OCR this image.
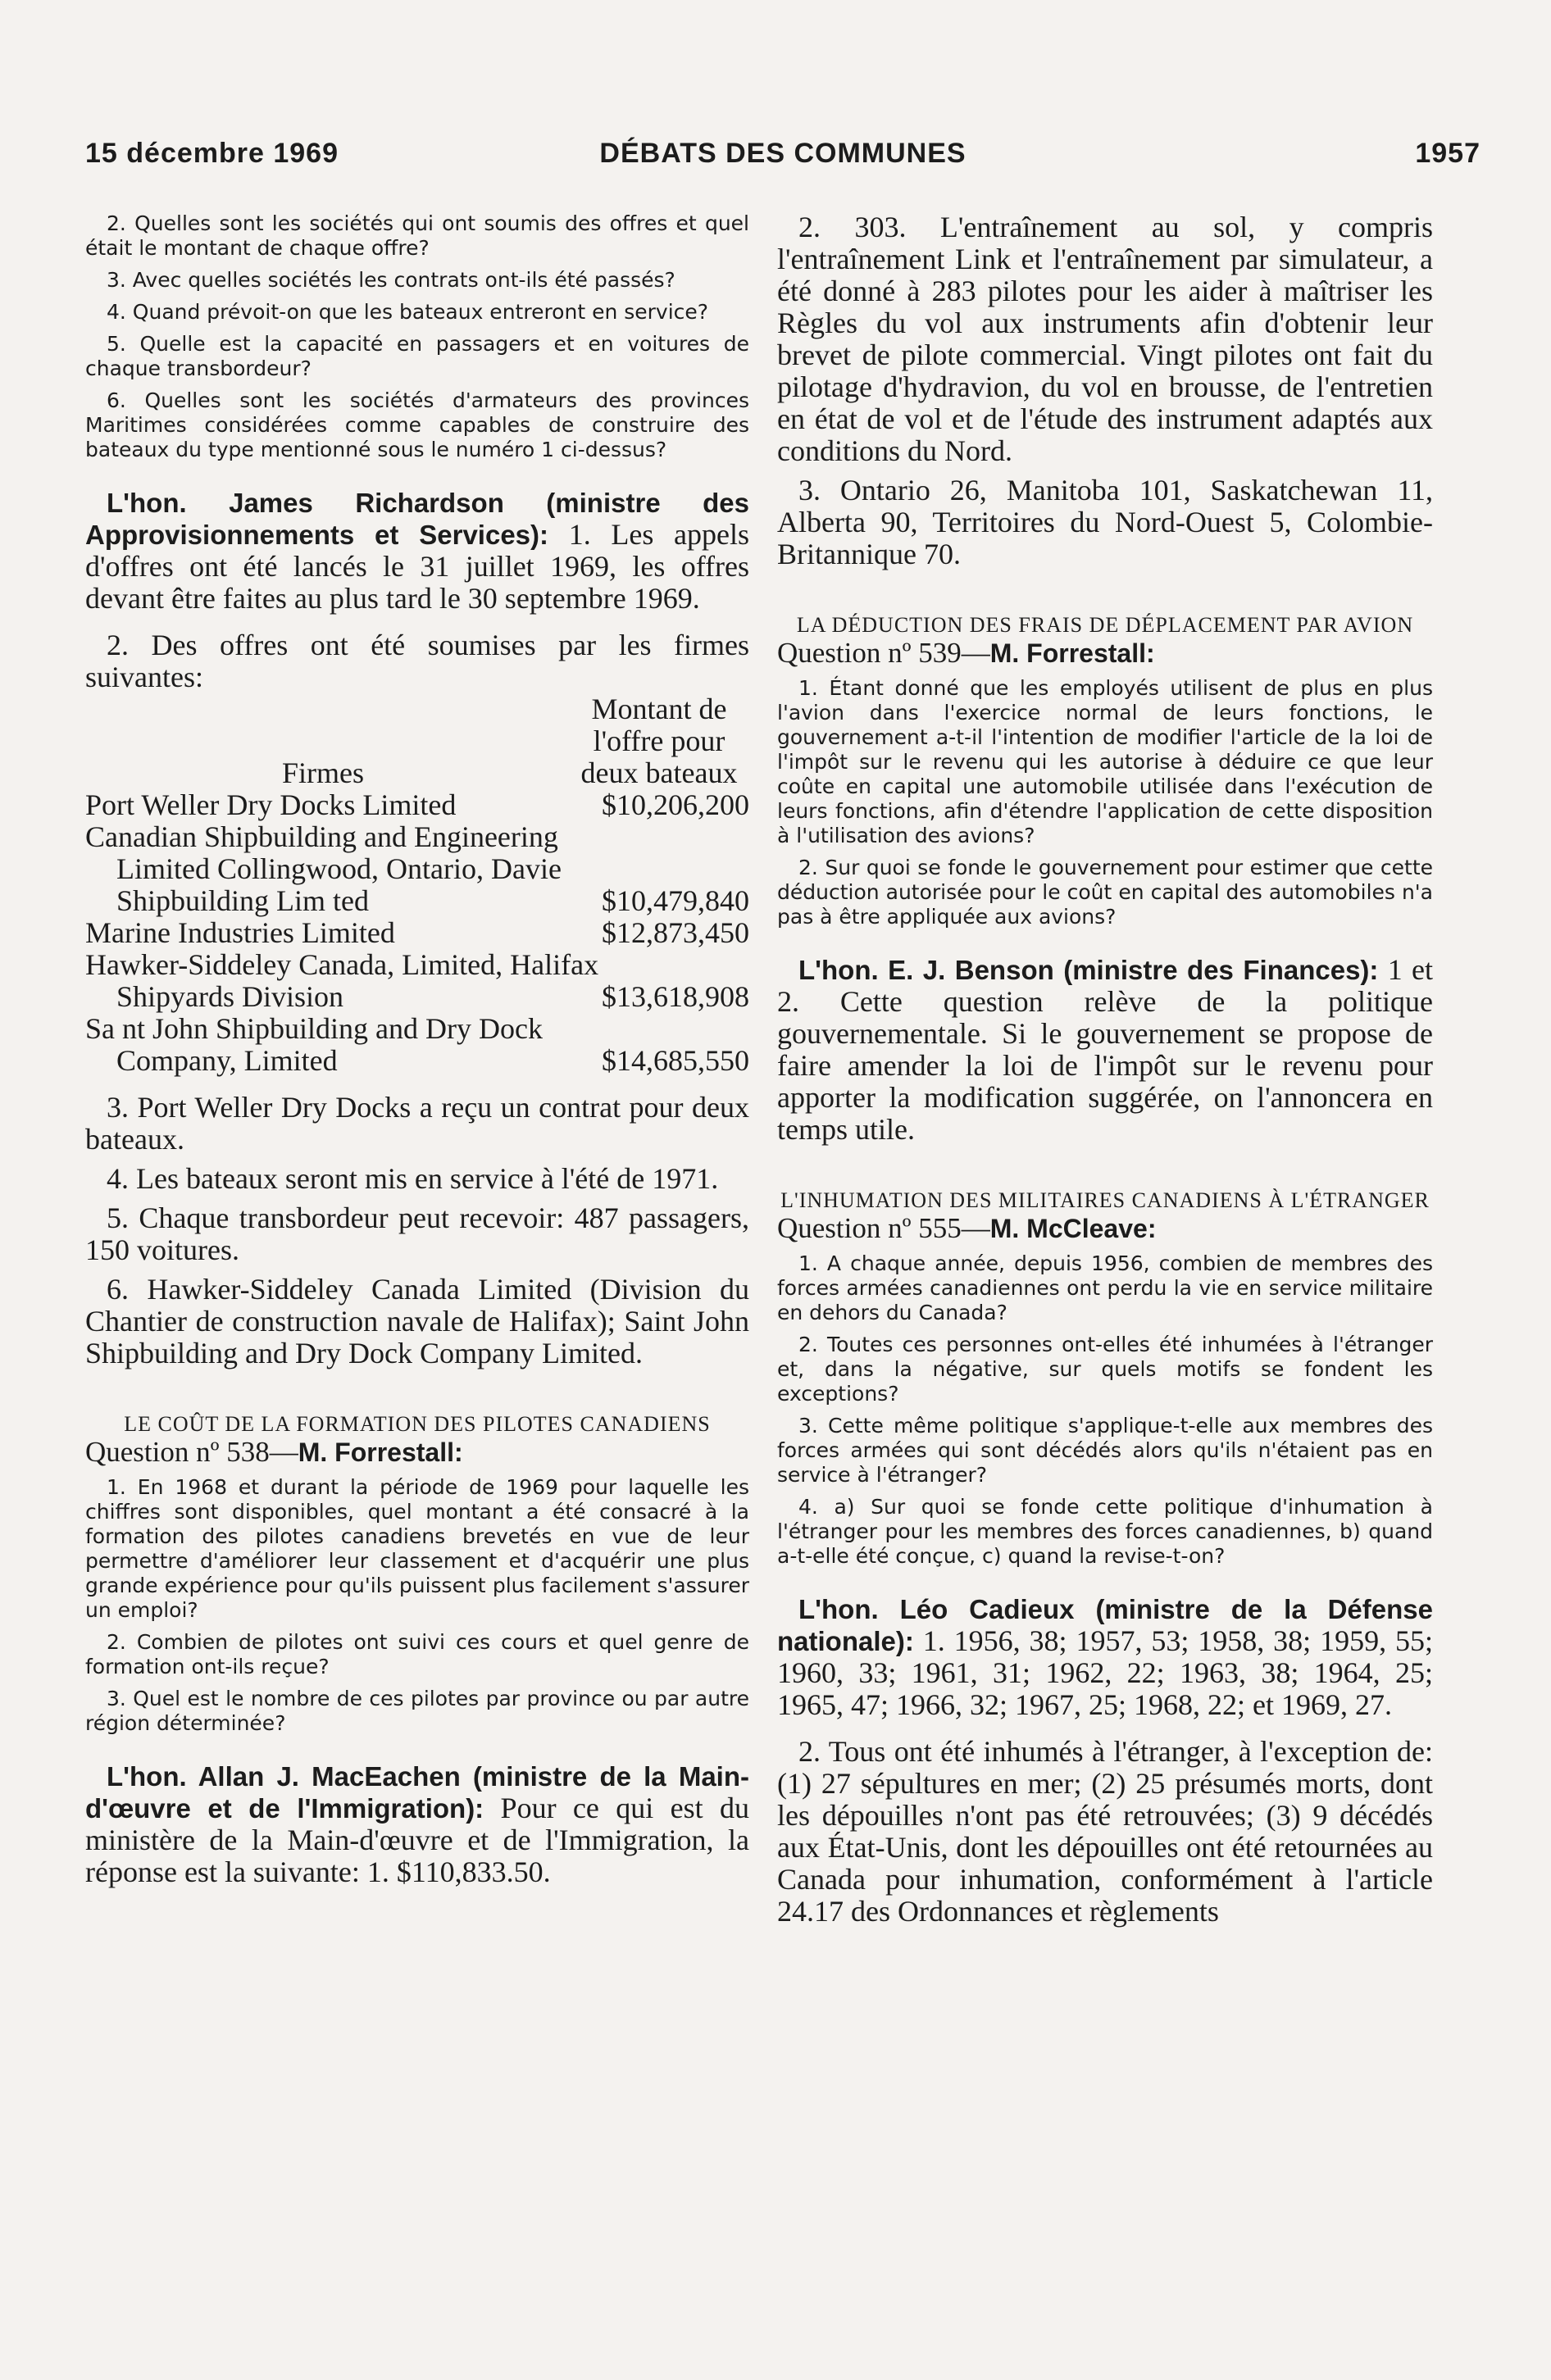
15 décembre 1969	DÉBATS DES COMMUNES	1957

2. Quelles sont les sociétés qui ont soumis des offres et quel était le montant de chaque offre?

3. Avec quelles sociétés les contrats ont-ils été passés?

4. Quand prévoit-on que les bateaux entreront en service?

5. Quelle est la capacité en passagers et en voitures de chaque transbordeur?

6. Quelles sont les sociétés d'armateurs des provinces Maritimes considérées comme capables de construire des bateaux du type mentionné sous le numéro 1 ci-dessus?

L'hon. James Richardson (ministre des Approvisionnements et Services): 1. Les appels d'offres ont été lancés le 31 juillet 1969, les offres devant être faites au plus tard le 30 septembre 1969.

2. Des offres ont été soumises par les firmes suivantes:

Firmes
Montant de l'offre pour deux bateaux
Port Weller Dry Docks Limited	$10,206,200
Canadian Shipbuilding and Engineering Limited Collingwood, Ontario, Davie Shipbuilding Lim ted	$10,479,840
Marine Industries Limited	$12,873,450
Hawker-Siddeley Canada, Limited, Halifax Shipyards Division	$13,618,908
Sa nt John Shipbuilding and Dry Dock Company, Limited	$14,685,550

3. Port Weller Dry Docks a reçu un contrat pour deux bateaux.

4. Les bateaux seront mis en service à l'été de 1971.

5. Chaque transbordeur peut recevoir: 487 passagers, 150 voitures.

6. Hawker-Siddeley Canada Limited (Division du Chantier de construction navale de Halifax); Saint John Shipbuilding and Dry Dock Company Limited.

LE COÛT DE LA FORMATION DES PILOTES CANADIENS

Question nº 538—M. Forrestall:

1. En 1968 et durant la période de 1969 pour laquelle les chiffres sont disponibles, quel montant a été consacré à la formation des pilotes canadiens brevetés en vue de leur permettre d'améliorer leur classement et d'acquérir une plus grande expérience pour qu'ils puissent plus facilement s'assurer un emploi?

2. Combien de pilotes ont suivi ces cours et quel genre de formation ont-ils reçue?

3. Quel est le nombre de ces pilotes par province ou par autre région déterminée?

L'hon. Allan J. MacEachen (ministre de la Main-d'œuvre et de l'Immigration): Pour ce qui est du ministère de la Main-d'œuvre et de l'Immigration, la réponse est la suivante: 1. $110,833.50.

2. 303. L'entraînement au sol, y compris l'entraînement Link et l'entraînement par simulateur, a été donné à 283 pilotes pour les aider à maîtriser les Règles du vol aux instruments afin d'obtenir leur brevet de pilote commercial. Vingt pilotes ont fait du pilotage d'hydravion, du vol en brousse, de l'entretien en état de vol et de l'étude des instrument adaptés aux conditions du Nord.

3. Ontario 26, Manitoba 101, Saskatchewan 11, Alberta 90, Territoires du Nord-Ouest 5, Colombie-Britannique 70.

LA DÉDUCTION DES FRAIS DE DÉPLACEMENT PAR AVION

Question nº 539—M. Forrestall:

1. Étant donné que les employés utilisent de plus en plus l'avion dans l'exercice normal de leurs fonctions, le gouvernement a-t-il l'intention de modifier l'article de la loi de l'impôt sur le revenu qui les autorise à déduire ce que leur coûte en capital une automobile utilisée dans l'exécution de leurs fonctions, afin d'étendre l'application de cette disposition à l'utilisation des avions?

2. Sur quoi se fonde le gouvernement pour estimer que cette déduction autorisée pour le coût en capital des automobiles n'a pas à être appliquée aux avions?

L'hon. E. J. Benson (ministre des Finances): 1 et 2. Cette question relève de la politique gouvernementale. Si le gouvernement se propose de faire amender la loi de l'impôt sur le revenu pour apporter la modification suggérée, on l'annoncera en temps utile.

L'INHUMATION DES MILITAIRES CANADIENS À L'ÉTRANGER

Question nº 555—M. McCleave:

1. A chaque année, depuis 1956, combien de membres des forces armées canadiennes ont perdu la vie en service militaire en dehors du Canada?

2. Toutes ces personnes ont-elles été inhumées à l'étranger et, dans la négative, sur quels motifs se fondent les exceptions?

3. Cette même politique s'applique-t-elle aux membres des forces armées qui sont décédés alors qu'ils n'étaient pas en service à l'étranger?

4. a) Sur quoi se fonde cette politique d'inhumation à l'étranger pour les membres des forces canadiennes, b) quand a-t-elle été conçue, c) quand la revise-t-on?

L'hon. Léo Cadieux (ministre de la Défense nationale): 1. 1956, 38; 1957, 53; 1958, 38; 1959, 55; 1960, 33; 1961, 31; 1962, 22; 1963, 38; 1964, 25; 1965, 47; 1966, 32; 1967, 25; 1968, 22; et 1969, 27.

2. Tous ont été inhumés à l'étranger, à l'exception de: (1) 27 sépultures en mer; (2) 25 présumés morts, dont les dépouilles n'ont pas été retrouvées; (3) 9 décédés aux État-Unis, dont les dépouilles ont été retournées au Canada pour inhumation, conformément à l'article 24.17 des Ordonnances et règlements
